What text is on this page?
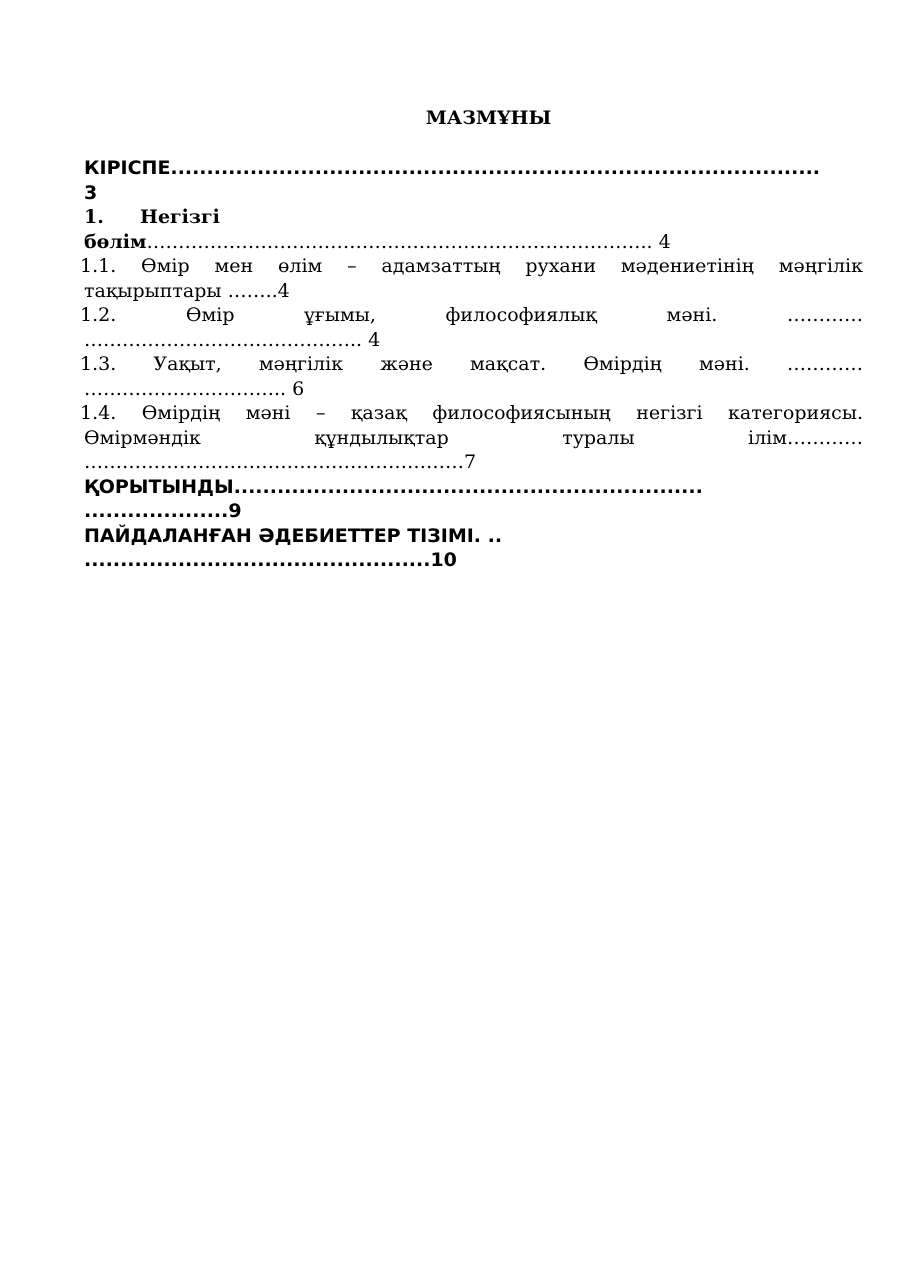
МАЗМҰНЫ
КІРІСПЕ..........................................................................................
3
1. Негізгі
бөлім…………………………………………………………………….. 4
1.1. Өмір мен өлім – адамзаттың рухани мәдениетінің мәңгілік
тақырыптары ……..4
1.2. Өмір ұғымы, философиялық мәні. …………
…………………………………….. 4
1.3. Уақыт, мәңгілік және мақсат. Өмірдің мәні. …………
………………………….. 6
1.4. Өмірдің мәні – қазақ философиясының негізгі категориясы.
Өмірмәндік құндылықтар туралы ілім…………
……………………………………………………7
ҚОРЫТЫНДЫ.................................................................
....................9
ПАЙДАЛАНҒАН ӘДЕБИЕТТЕР ТІЗІМІ. ..
................................................10
